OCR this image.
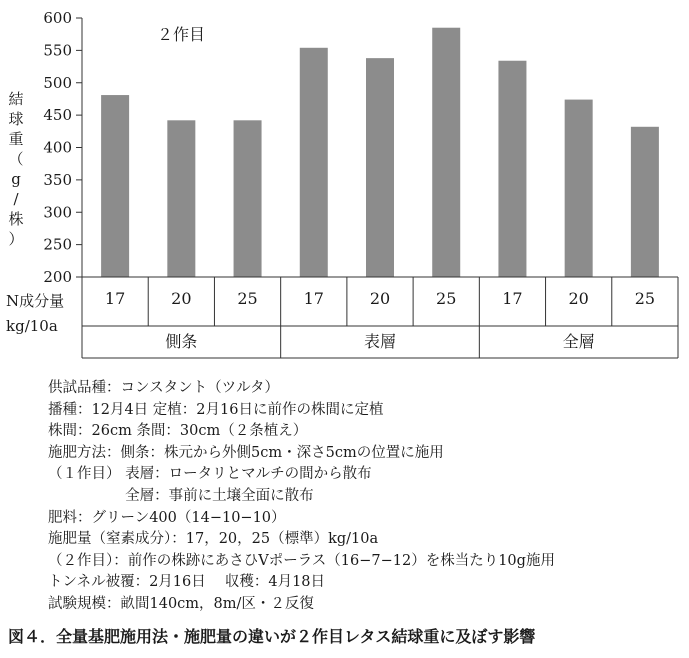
200
250
300
350
400
450
500
550
600
17	20	25	17	20	25	17	20	25
側条	表層	全層
２作目
結
球
重
（
g
/
株
）
N成分量
kg/10a
供試品種：コンスタント（ツルタ）
播種：12月4日 定植：2月16日に前作の株間に定植
株間：26cm 条間：30cm（２条植え）
施肥方法：側条：株元から外側5cm・深さ5cmの位置に施用
（１作目） 表層：ロータリとマルチの間から散布
　　　　　 全層：事前に土壌全面に散布
肥料：グリーン400（14−10−10）
施肥量（窒素成分）：17，20，25（標準）kg/10a
（２作目）：前作の株跡にあさひVポーラス（16−7−12）を株当たり10g施用
トンネル被覆：2月16日　 収穫：4月18日
試験規模：畝間140cm，8m/区・２反復
図４．全量基肥施用法・施肥量の違いが２作目レタス結球重に及ぼす影響
